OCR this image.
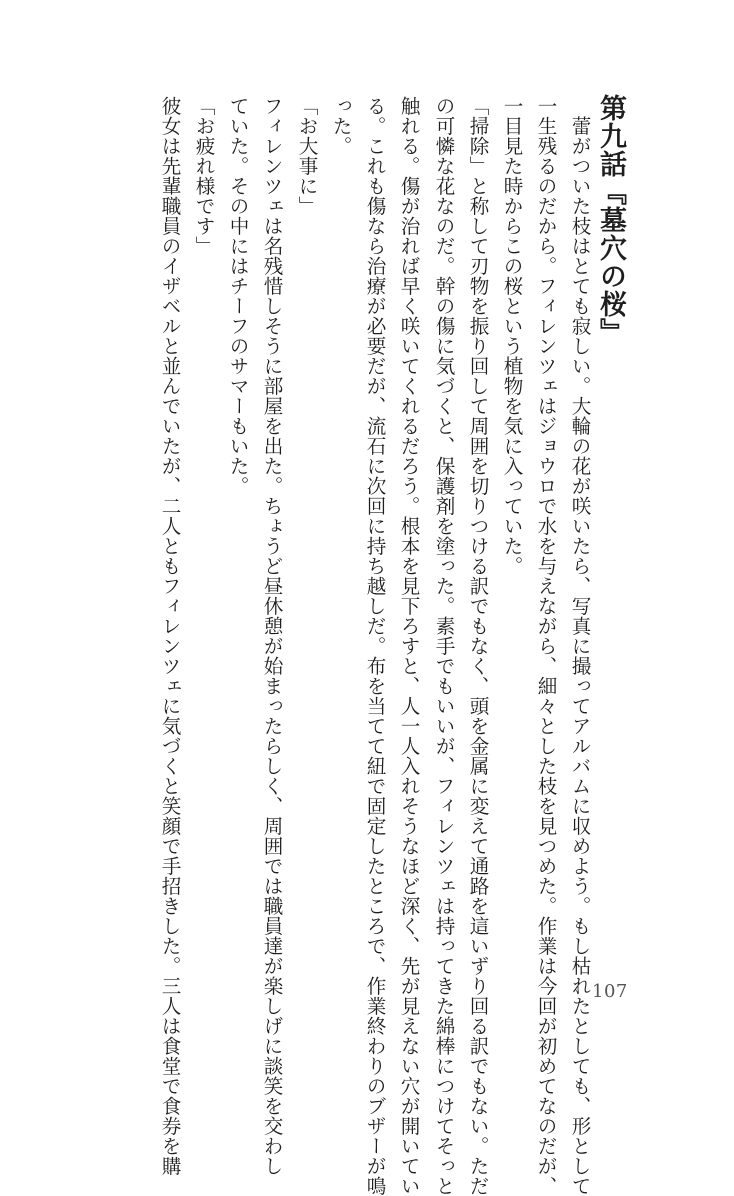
第九話『墓穴の桜』
　蕾がついた枝はとても寂しい。大輪の花が咲いたら、写真に撮ってアルバムに収めよう。もし枯れたとしても、形として
一生残るのだから。フィレンツェはジョウロで水を与えながら、細々とした枝を見つめた。作業は今回が初めてなのだが、
一目見た時からこの桜という植物を気に入っていた。
「掃除」と称して刃物を振り回して周囲を切りつける訳でもなく、頭を金属に変えて通路を這いずり回る訳でもない。ただ
の可憐な花なのだ。幹の傷に気づくと、保護剤を塗った。素手でもいいが、フィレンツェは持ってきた綿棒につけてそっと
触れる。傷が治れば早く咲いてくれるだろう。根本を見下ろすと、人一人入れそうなほど深く、先が見えない穴が開いてい
る。これも傷なら治療が必要だが、流石に次回に持ち越しだ。布を当てて紐で固定したところで、作業終わりのブザーが鳴
った。
「お大事に」
フィレンツェは名残惜しそうに部屋を出た。ちょうど昼休憩が始まったらしく、周囲では職員達が楽しげに談笑を交わし
ていた。その中にはチーフのサマーもいた。
「お疲れ様です」
彼女は先輩職員のイザベルと並んでいたが、二人ともフィレンツェに気づくと笑顔で手招きした。三人は食堂で食券を購	107
